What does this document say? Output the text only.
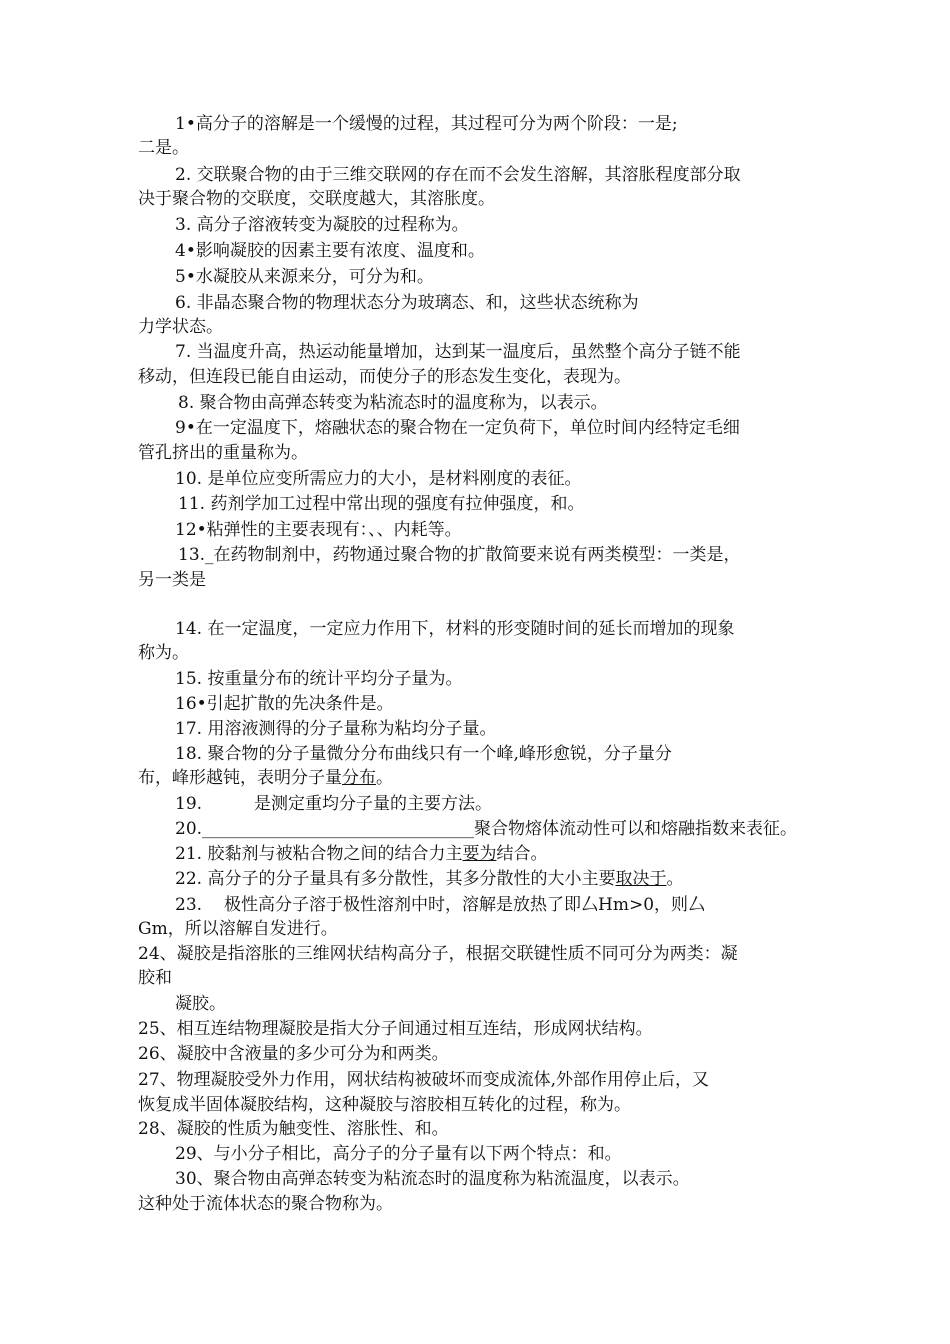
1•高分子的溶解是一个缓慢的过程，其过程可分为两个阶段：一是;
二是。
2. 交联聚合物的由于三维交联网的存在而不会发生溶解，其溶胀程度部分取
决于聚合物的交联度，交联度越大，其溶胀度。
3. 高分子溶液转变为凝胶的过程称为。
4•影响凝胶的因素主要有浓度、温度和。
5•水凝胶从来源来分，可分为和。
6. 非晶态聚合物的物理状态分为玻璃态、和，这些状态统称为
力学状态。
7. 当温度升高，热运动能量增加，达到某一温度后，虽然整个高分子链不能
移动，但连段已能自由运动，而使分子的形态发生变化，表现为。
8. 聚合物由高弹态转变为粘流态时的温度称为，以表示。
9•在一定温度下，熔融状态的聚合物在一定负荷下，单位时间内经特定毛细
管孔挤出的重量称为。
10. 是单位应变所需应力的大小，是材料刚度的表征。
11. 药剂学加工过程中常出现的强度有拉伸强度，和。
12•粘弹性的主要表现有：、、内耗等。
13._在药物制剂中，药物通过聚合物的扩散简要来说有两类模型：一类是，
另一类是
14. 在一定温度，一定应力作用下，材料的形变随时间的延长而增加的现象
称为。
15. 按重量分布的统计平均分子量为。
16•引起扩散的先决条件是。
17. 用溶液测得的分子量称为粘均分子量。
18. 聚合物的分子量微分分布曲线只有一个峰,峰形愈锐，分子量分
布，峰形越钝，表明分子量分布。
19.	是测定重均分子量的主要方法。
20.________________________________聚合物熔体流动性可以和熔融指数来表征。
21. 胶黏剂与被粘合物之间的结合力主要为结合。
22. 高分子的分子量具有多分散性，其多分散性的大小主要取决于。
23. 极性高分子溶于极性溶剂中时，溶解是放热了即厶Hm>0，则厶
Gm，所以溶解自发进行。
24、凝胶是指溶胀的三维网状结构高分子，根据交联键性质不同可分为两类：凝
胶和
凝胶。
25、相互连结物理凝胶是指大分子间通过相互连结，形成网状结构。
26、凝胶中含液量的多少可分为和两类。
27、物理凝胶受外力作用，网状结构被破坏而变成流体,外部作用停止后，又
恢复成半固体凝胶结构，这种凝胶与溶胶相互转化的过程，称为。
28、凝胶的性质为触变性、溶胀性、和。
29、与小分子相比，高分子的分子量有以下两个特点：和。
30、聚合物由高弹态转变为粘流态时的温度称为粘流温度，以表示。
这种处于流体状态的聚合物称为。
